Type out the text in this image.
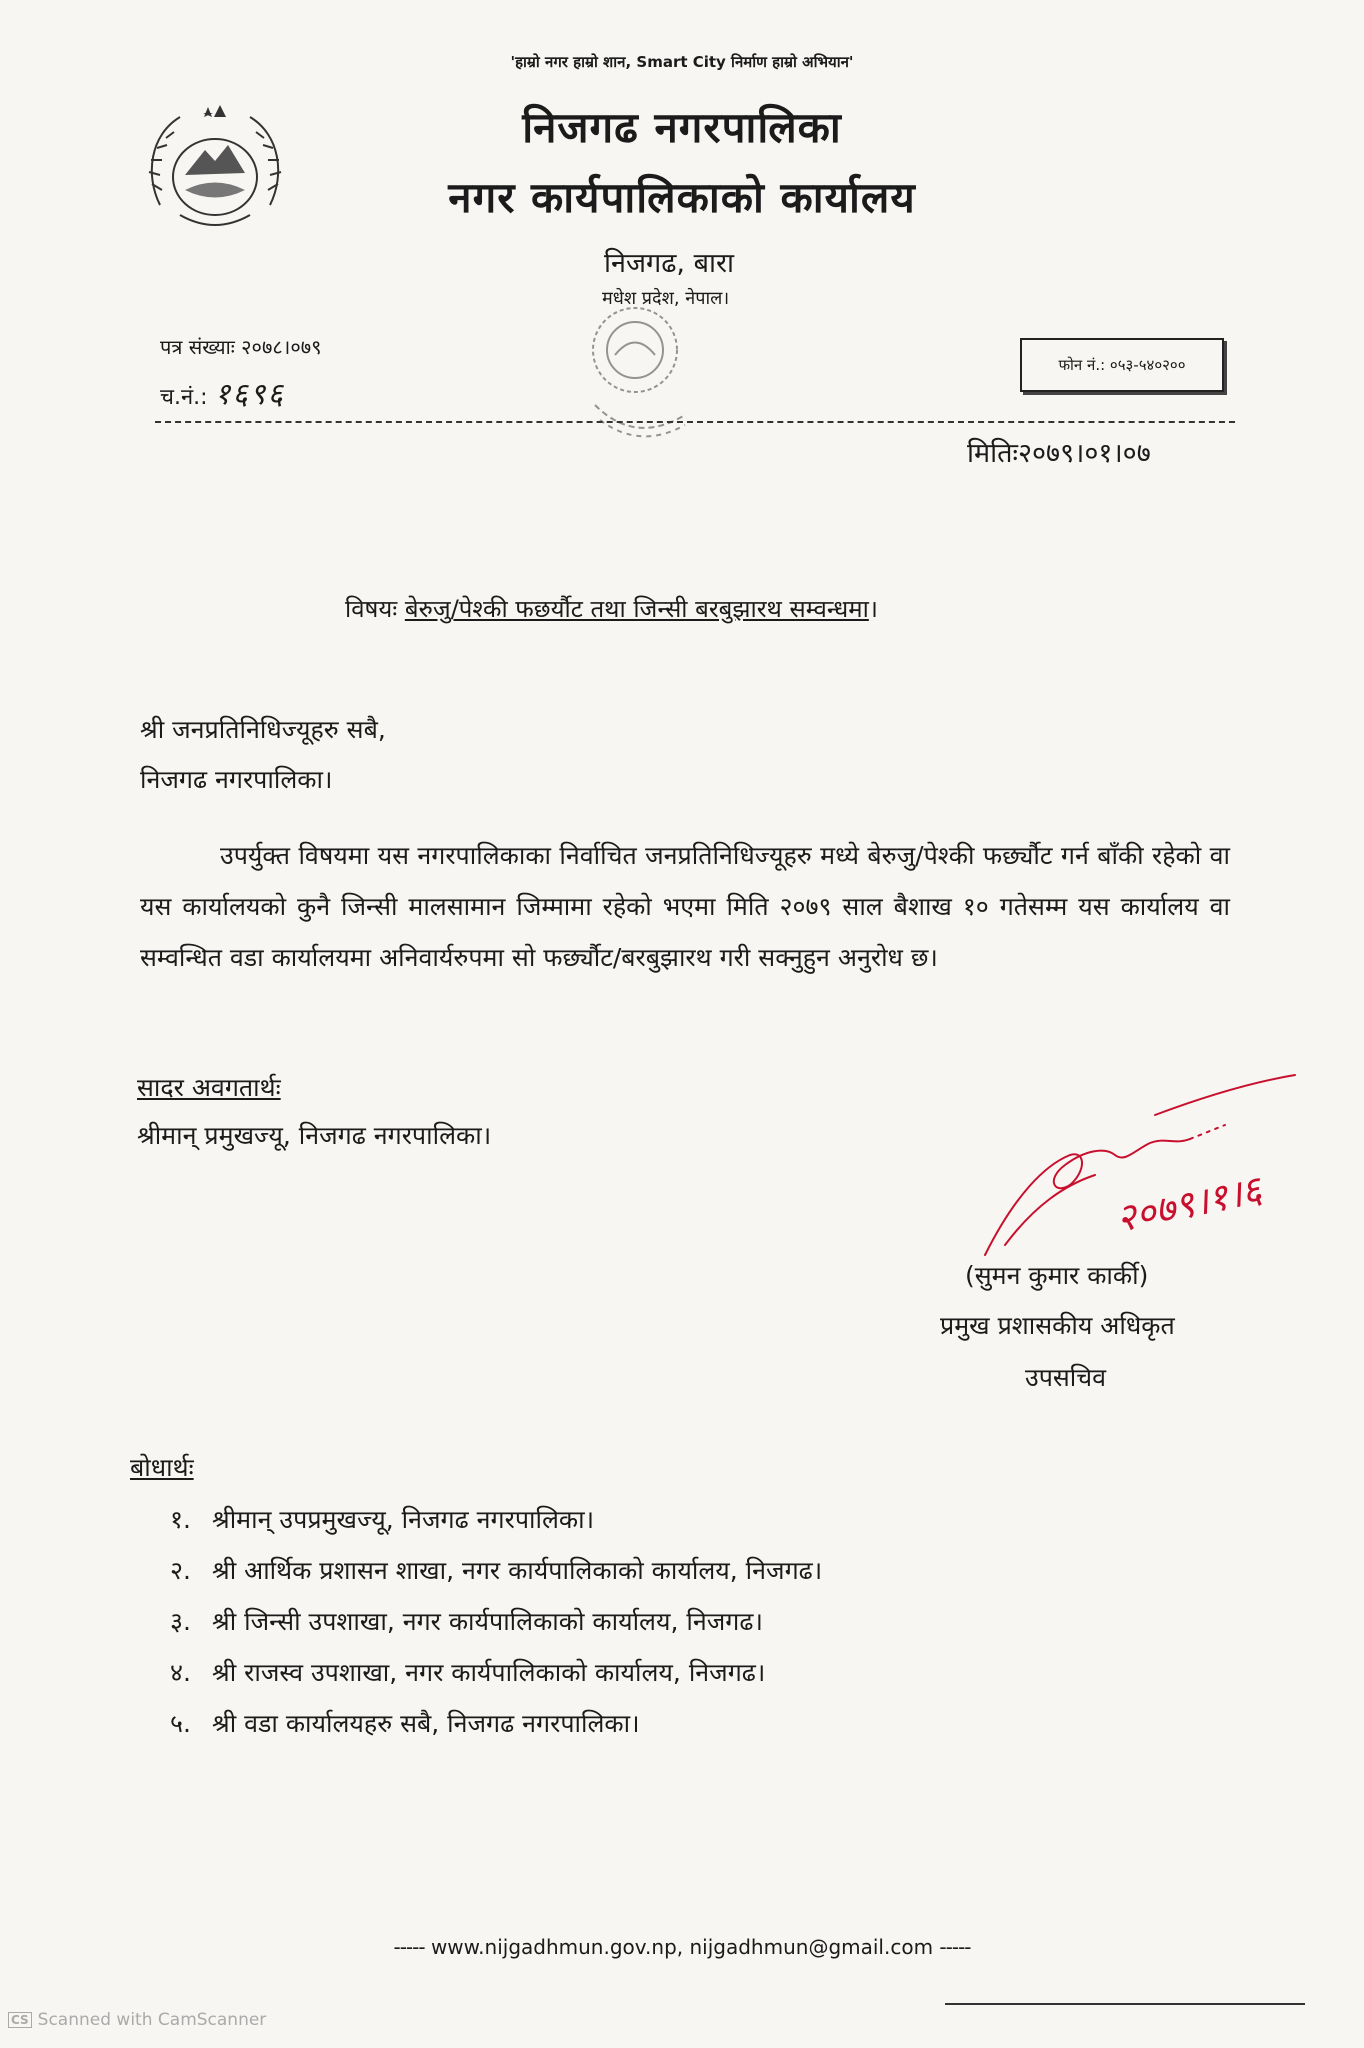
'हाम्रो नगर हाम्रो शान, Smart City निर्माण हाम्रो अभियान'
निजगढ नगरपालिका
नगर कार्यपालिकाको कार्यालय
निजगढ, बारा
मधेश प्रदेश, नेपाल।
पत्र संख्याः २०७८।०७९
च.नं.: १६९६
फोन नं.: ०५३-५४०२००
मितिः२०७९।०१।०७
विषयः बेरुजु/पेश्की फछर्यौट तथा जिन्सी बरबुझारथ सम्वन्धमा।
श्री जनप्रतिनिधिज्यूहरु सबै,
निजगढ नगरपालिका।
उपर्युक्त विषयमा यस नगरपालिकाका निर्वाचित जनप्रतिनिधिज्यूहरु मध्ये बेरुजु/पेश्की फर्छ्यौट गर्न बाँकी रहेको वा यस कार्यालयको कुनै जिन्सी मालसामान जिम्मामा रहेको भएमा मिति २०७९ साल बैशाख १० गतेसम्म यस कार्यालय वा सम्वन्धित वडा कार्यालयमा अनिवार्यरुपमा सो फर्छ्यौट/बरबुझारथ गरी सक्नुहुन अनुरोध छ।
सादर अवगतार्थः
श्रीमान् प्रमुखज्यू, निजगढ नगरपालिका।
२०७९।१।६
(सुमन कुमार कार्की)
प्रमुख प्रशासकीय अधिकृत
उपसचिव
बोधार्थः
१. श्रीमान् उपप्रमुखज्यू, निजगढ नगरपालिका।
२. श्री आर्थिक प्रशासन शाखा, नगर कार्यपालिकाको कार्यालय, निजगढ।
३. श्री जिन्सी उपशाखा, नगर कार्यपालिकाको कार्यालय, निजगढ।
४. श्री राजस्व उपशाखा, नगर कार्यपालिकाको कार्यालय, निजगढ।
५. श्री वडा कार्यालयहरु सबै, निजगढ नगरपालिका।
----- www.nijgadhmun.gov.np, nijgadhmun@gmail.com -----
CS Scanned with CamScanner
